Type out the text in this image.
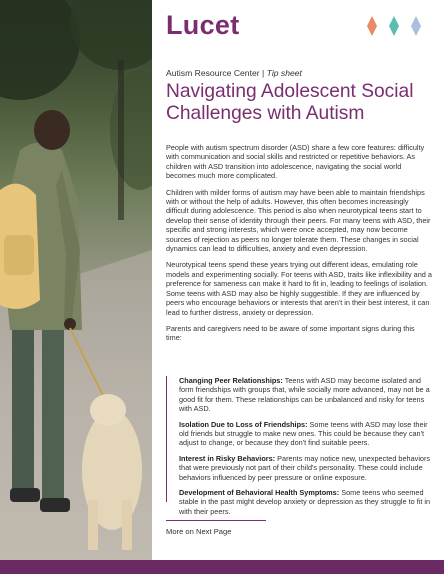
Lucet
Autism Resource Center | Tip sheet
Navigating Adolescent Social Challenges with Autism

People with autism spectrum disorder (ASD) share a few core features: difficulty with communication and social skills and restricted or repetitive behaviors. As children with ASD transition into adolescence, navigating the social world becomes much more complicated.

Children with milder forms of autism may have been able to maintain friendships with or without the help of adults. However, this often becomes increasingly difficult during adolescence. This period is also when neurotypical teens start to develop their sense of identity through their peers. For many teens with ASD, their specific and strong interests, which were once accepted, may now become sources of rejection as peers no longer tolerate them. These changes in social dynamics can lead to difficulties, anxiety and even depression.

Neurotypical teens spend these years trying out different ideas, emulating role models and experimenting socially. For teens with ASD, traits like inflexibility and a preference for sameness can make it hard to fit in, leading to feelings of isolation. Some teens with ASD may also be highly suggestible. If they are influenced by peers who encourage behaviors or interests that aren't in their best interest, it can lead to further distress, anxiety or depression.

Parents and caregivers need to be aware of some important signs during this time:

Changing Peer Relationships: Teens with ASD may become isolated and form friendships with groups that, while socially more advanced, may not be a good fit for them. These relationships can be unbalanced and risky for teens with ASD.
Isolation Due to Loss of Friendships: Some teens with ASD may lose their old friends but struggle to make new ones. This could be because they can't adjust to change, or because they don't find suitable peers.
Interest in Risky Behaviors: Parents may notice new, unexpected behaviors that were previously not part of their child's personality. These could include behaviors influenced by peer pressure or online exposure.
Development of Behavioral Health Symptoms: Some teens who seemed stable in the past might develop anxiety or depression as they struggle to fit in with their peers.
More on Next Page
